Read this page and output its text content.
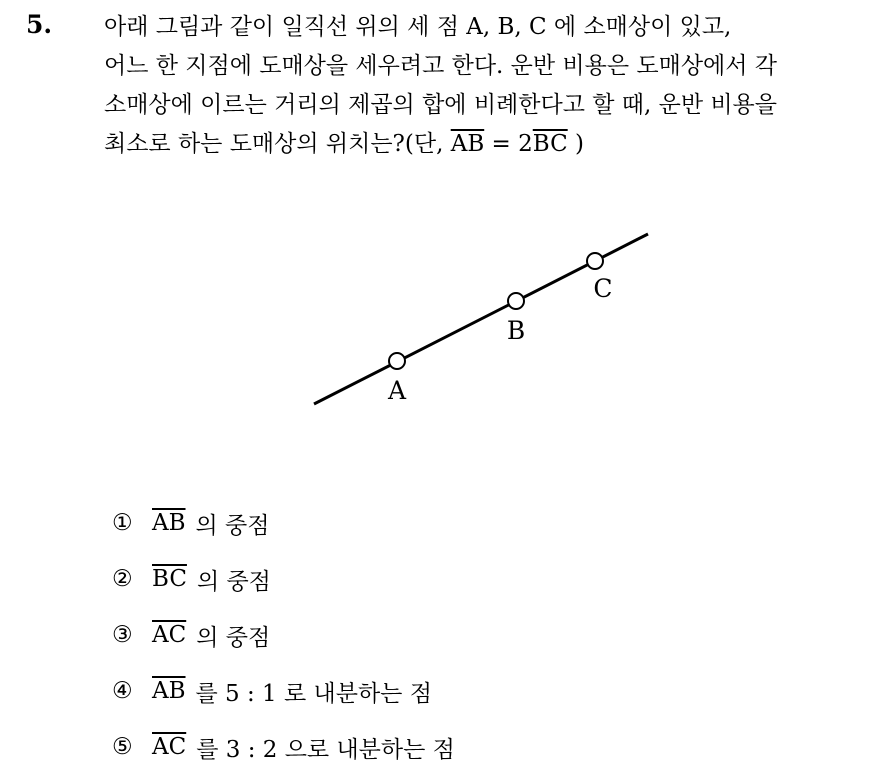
5. 아래 그림과 같이 일직선 위의 세 점 A, B, C 에 소매상이 있고,
어느 한 지점에 도매상을 세우려고 한다. 운반 비용은 도매상에서 각
소매상에 이르는 거리의 제곱의 합에 비례한다고 할 때, 운반 비용을
최소로 하는 도매상의 위치는?(단, $\overline{AB} = 2\overline{BC}$ )
A
B
C
① $\overline{AB}$ 의 중점
② $\overline{BC}$ 의 중점
③ $\overline{AC}$ 의 중점
④ $\overline{AB}$ 를 5 : 1 로 내분하는 점
⑤ $\overline{AC}$ 를 3 : 2 으로 내분하는 점
